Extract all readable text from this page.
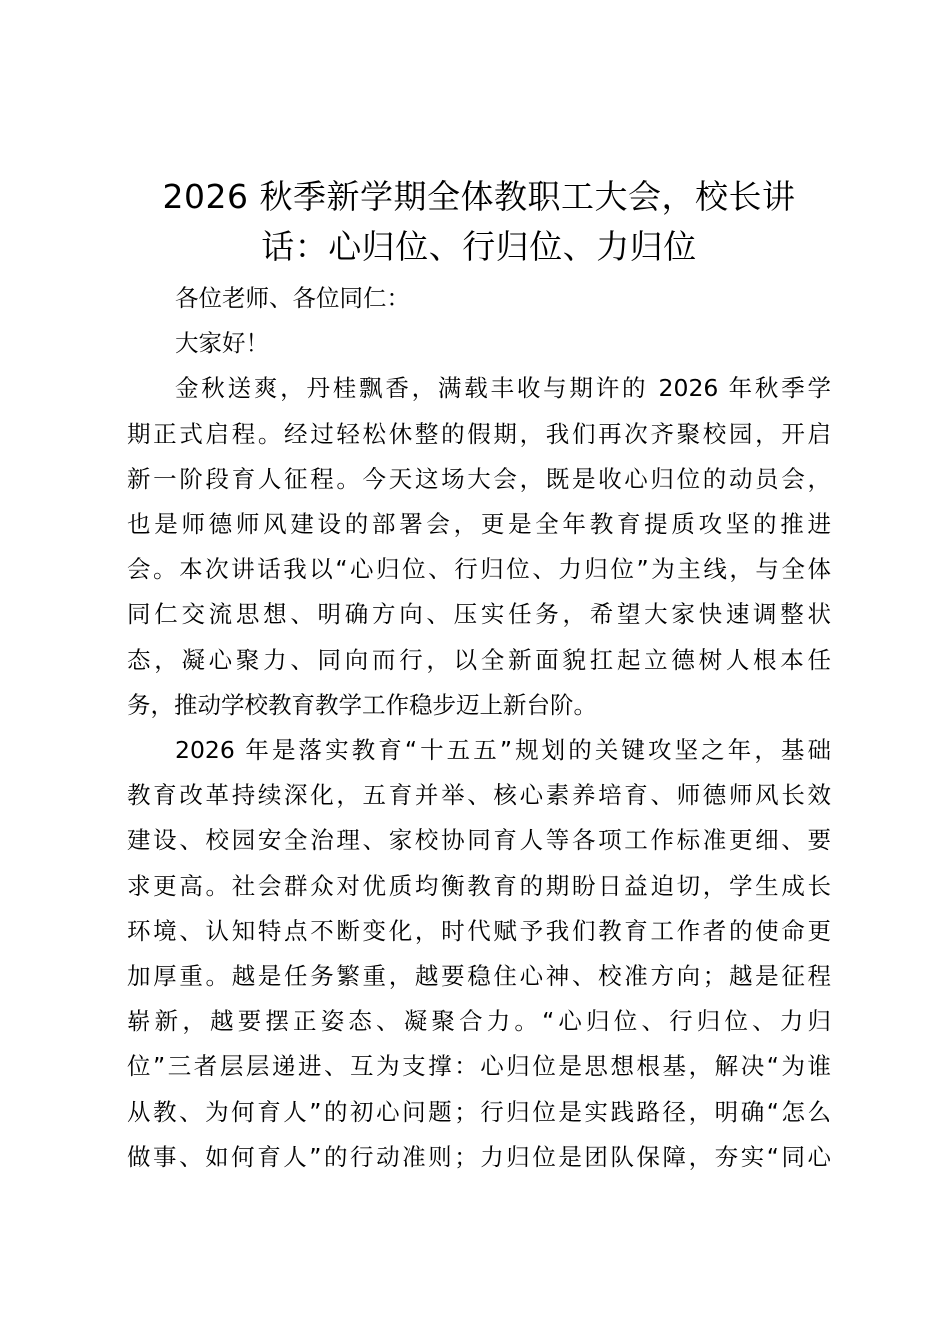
2026 秋季新学期全体教职工大会，校长讲
话：心归位、行归位、力归位

各位老师、各位同仁：

大家好！

金秋送爽，丹桂飘香，满载丰收与期许的 2026 年秋季学
期正式启程。经过轻松休整的假期，我们再次齐聚校园，开启
新一阶段育人征程。今天这场大会，既是收心归位的动员会，
也是师德师风建设的部署会，更是全年教育提质攻坚的推进
会。本次讲话我以“心归位、行归位、力归位”为主线，与全体
同仁交流思想、明确方向、压实任务，希望大家快速调整状
态，凝心聚力、同向而行，以全新面貌扛起立德树人根本任
务，推动学校教育教学工作稳步迈上新台阶。

2026 年是落实教育“十五五”规划的关键攻坚之年，基础
教育改革持续深化，五育并举、核心素养培育、师德师风长效
建设、校园安全治理、家校协同育人等各项工作标准更细、要
求更高。社会群众对优质均衡教育的期盼日益迫切，学生成长
环境、认知特点不断变化，时代赋予我们教育工作者的使命更
加厚重。越是任务繁重，越要稳住心神、校准方向；越是征程
崭新，越要摆正姿态、凝聚合力。“心归位、行归位、力归
位”三者层层递进、互为支撑：心归位是思想根基，解决“为谁
从教、为何育人”的初心问题；行归位是实践路径，明确“怎么
做事、如何育人”的行动准则；力归位是团队保障，夯实“同心
